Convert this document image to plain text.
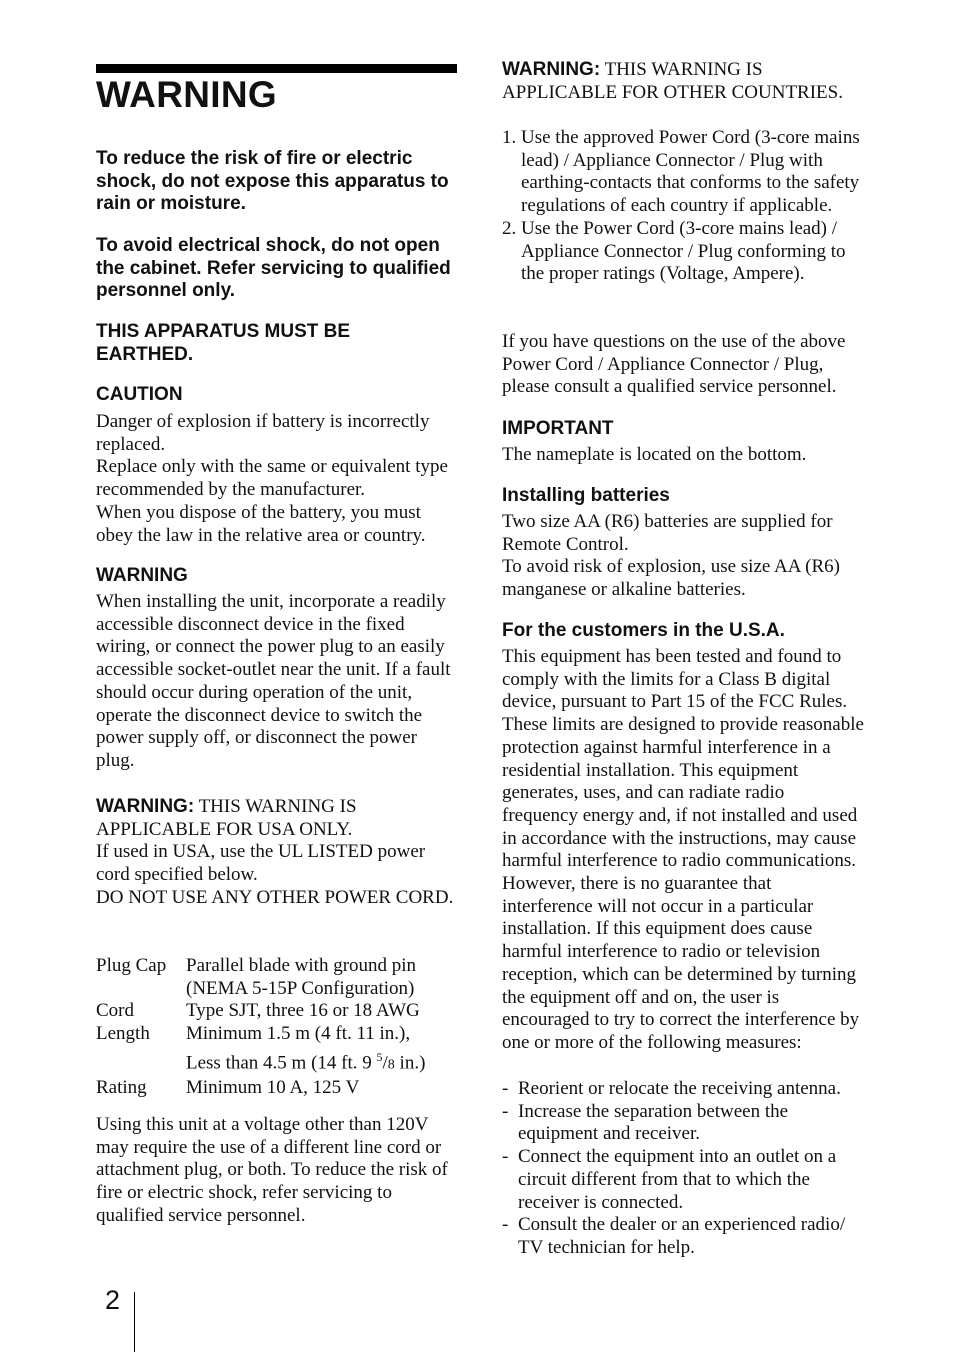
WARNING
To reduce the risk of fire or electric shock, do not expose this apparatus to rain or moisture.
To avoid electrical shock, do not open the cabinet. Refer servicing to qualified personnel only.
THIS APPARATUS MUST BE EARTHED.
CAUTION
Danger of explosion if battery is incorrectly replaced.
Replace only with the same or equivalent type recommended by the manufacturer.
When you dispose of the battery, you must obey the law in the relative area or country.
WARNING
When installing the unit, incorporate a readily accessible disconnect device in the fixed wiring, or connect the power plug to an easily accessible socket-outlet near the unit. If a fault should occur during operation of the unit, operate the disconnect device to switch the power supply off, or disconnect the power plug.
WARNING: THIS WARNING IS APPLICABLE FOR USA ONLY.
If used in USA, use the UL LISTED power cord specified below.
DO NOT USE ANY OTHER POWER CORD.
Plug Cap	Parallel blade with ground pin
(NEMA 5-15P Configuration)
Cord	Type SJT, three 16 or 18 AWG
Length	Minimum 1.5 m (4 ft. 11 in.),
Less than 4.5 m (14 ft. 9 $^5$/8 in.)
Rating	Minimum 10 A, 125 V
Using this unit at a voltage other than 120V may require the use of a different line cord or attachment plug, or both. To reduce the risk of fire or electric shock, refer servicing to qualified service personnel.
WARNING: THIS WARNING IS APPLICABLE FOR OTHER COUNTRIES.
1. Use the approved Power Cord (3-core mains lead) / Appliance Connector / Plug with earthing-contacts that conforms to the safety regulations of each country if applicable.
2. Use the Power Cord (3-core mains lead) / Appliance Connector / Plug conforming to the proper ratings (Voltage, Ampere).
If you have questions on the use of the above Power Cord / Appliance Connector / Plug, please consult a qualified service personnel.
IMPORTANT
The nameplate is located on the bottom.
Installing batteries
Two size AA (R6) batteries are supplied for Remote Control.
To avoid risk of explosion, use size AA (R6) manganese or alkaline batteries.
For the customers in the U.S.A.
This equipment has been tested and found to comply with the limits for a Class B digital device, pursuant to Part 15 of the FCC Rules. These limits are designed to provide reasonable protection against harmful interference in a residential installation. This equipment generates, uses, and can radiate radio frequency energy and, if not installed and used in accordance with the instructions, may cause harmful interference to radio communications. However, there is no guarantee that interference will not occur in a particular installation. If this equipment does cause harmful interference to radio or television reception, which can be determined by turning the equipment off and on, the user is encouraged to try to correct the interference by one or more of the following measures:
- Reorient or relocate the receiving antenna.
- Increase the separation between the equipment and receiver.
- Connect the equipment into an outlet on a circuit different from that to which the receiver is connected.
- Consult the dealer or an experienced radio/ TV technician for help.
2
